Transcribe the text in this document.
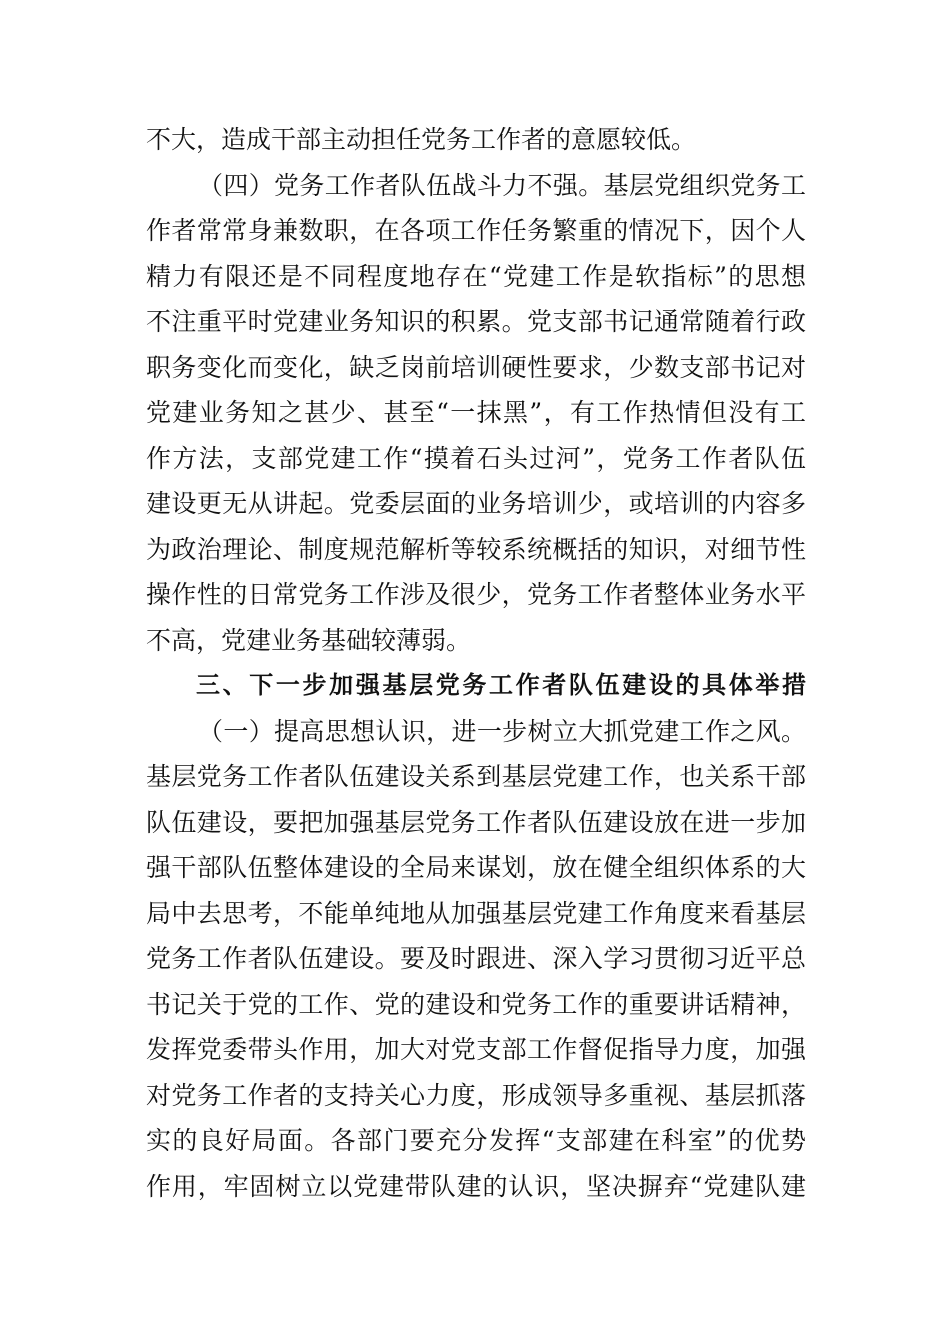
不大，造成干部主动担任党务工作者的意愿较低。
（四）党务工作者队伍战斗力不强。基层党组织党务工
作者常常身兼数职，在各项工作任务繁重的情况下，因个人
精力有限还是不同程度地存在“党建工作是软指标”的思想
不注重平时党建业务知识的积累。党支部书记通常随着行政
职务变化而变化，缺乏岗前培训硬性要求，少数支部书记对
党建业务知之甚少、甚至“一抹黑”，有工作热情但没有工
作方法，支部党建工作“摸着石头过河”，党务工作者队伍
建设更无从讲起。党委层面的业务培训少，或培训的内容多
为政治理论、制度规范解析等较系统概括的知识，对细节性
操作性的日常党务工作涉及很少，党务工作者整体业务水平
不高，党建业务基础较薄弱。
三、下一步加强基层党务工作者队伍建设的具体举措
（一）提高思想认识，进一步树立大抓党建工作之风。
基层党务工作者队伍建设关系到基层党建工作，也关系干部
队伍建设，要把加强基层党务工作者队伍建设放在进一步加
强干部队伍整体建设的全局来谋划，放在健全组织体系的大
局中去思考，不能单纯地从加强基层党建工作角度来看基层
党务工作者队伍建设。要及时跟进、深入学习贯彻习近平总
书记关于党的工作、党的建设和党务工作的重要讲话精神，
发挥党委带头作用，加大对党支部工作督促指导力度，加强
对党务工作者的支持关心力度，形成领导多重视、基层抓落
实的良好局面。各部门要充分发挥“支部建在科室”的优势
作用，牢固树立以党建带队建的认识，坚决摒弃“党建队建
